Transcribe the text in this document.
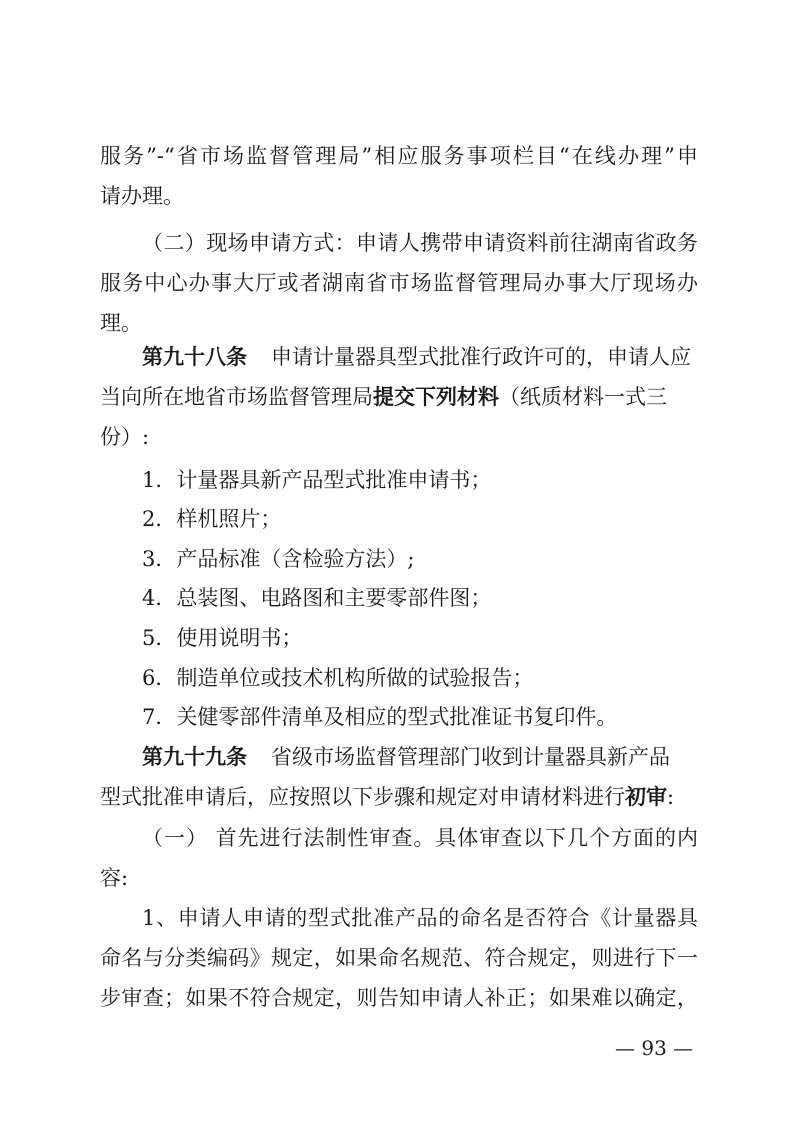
服务”-“省市场监督管理局”相应服务事项栏目“在线办理”申
请办理。
（二）现场申请方式：申请人携带申请资料前往湖南省政务
服务中心办事大厅或者湖南省市场监督管理局办事大厅现场办
理。
第九十八条 申请计量器具型式批准行政许可的，申请人应
当向所在地省市场监督管理局提交下列材料（纸质材料一式三
份）:
1．计量器具新产品型式批准申请书；
2．样机照片；
3．产品标准（含检验方法）;
4．总装图、电路图和主要零部件图；
5．使用说明书；
6．制造单位或技术机构所做的试验报告；
7．关健零部件清单及相应的型式批准证书复印件。
第九十九条 省级市场监督管理部门收到计量器具新产品
型式批准申请后，应按照以下步骤和规定对申请材料进行初审:
（一） 首先进行法制性审查。具体审查以下几个方面的内
容:
1、申请人申请的型式批准产品的命名是否符合《计量器具
命名与分类编码》规定，如果命名规范、符合规定，则进行下一
步审查；如果不符合规定，则告知申请人补正；如果难以确定，
— 93 —
